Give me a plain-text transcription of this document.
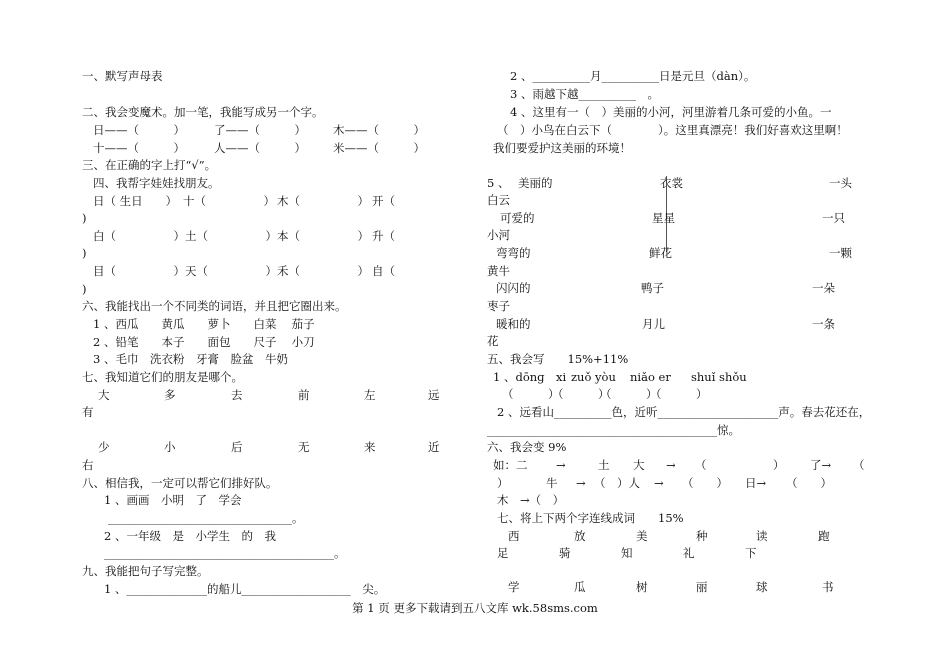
一、默写声母表
二、我会变魔术。加一笔，我能写成另一个字。
日——（　　　）	了——（　　　） 木——（　　　）
十——（　　　）	人——（　　　） 米——（　　　）
三、在正确的字上打“√”。
四、我帮字娃娃找朋友。
日（ 生日　　） 十（　　　　　） 木（　　　　　） 开（
)
白（　　　　　） 土（　　　　　） 本（　　　　　） 升（
)
目（　　　　　） 天（　　　　　） 禾（　　　　　） 自（
)
六、我能找出一个不同类的词语，并且把它圈出来。
1 、西瓜　　黄瓜　　萝卜　　白菜　 茄子
2 、铅笔　　本子　　面包　　尺子　 小刀
3 、毛巾　洗衣粉　牙膏　脸盆　牛奶
七、我知道它们的朋友是哪个。
大	多	去	前	左	远
有
少	小	后	无	来	近
右
八、相信我，一定可以帮它们排好队。
1 、画画　小明　了　学会
________________________________。
2 、一年级　是　小学生　的　我
________________________________________。
九、我能把句子写完整。
1 、______________的船儿___________________　尖。
2 、__________月__________日是元旦（dàn）。
3 、雨越下越__________　。
4 、这里有一（　）美丽的小河，河里游着几条可爱的小鱼。一
（　）小鸟在白云下（　　　　）。这里真漂亮！我们好喜欢这里啊！
我们要爱护这美丽的环境！
5 、 美丽的	衣裳	一头
白云
可爱的	星星	一只
小河
弯弯的	鲜花	一颗
黄牛
闪闪的	鸭子	一朵
枣子
暖和的	月儿	一条
花
五、我会写　　15%+11%
1 、dōnɡ　xi zuǒ yòu niǎo er shuǐ shǒu
（　　　）
（　　　）
（　　　）
（　　　）
2 、远看山__________色，近听_____________________声。春去花还在，
________________________________________惊。
六、我会变 9%
如：二 →	土 大 → （	） 了→ （
）	牛 → （　）人 → （　　） 日→ （　　）
木　→（　）
七、将上下两个字连线成词　　15%
西	放	美	种	读	跑
足	骑	知	礼	下
学	瓜	树	丽	球	书
第 1 页 更多下载请到五八文库 wk.58sms.com
